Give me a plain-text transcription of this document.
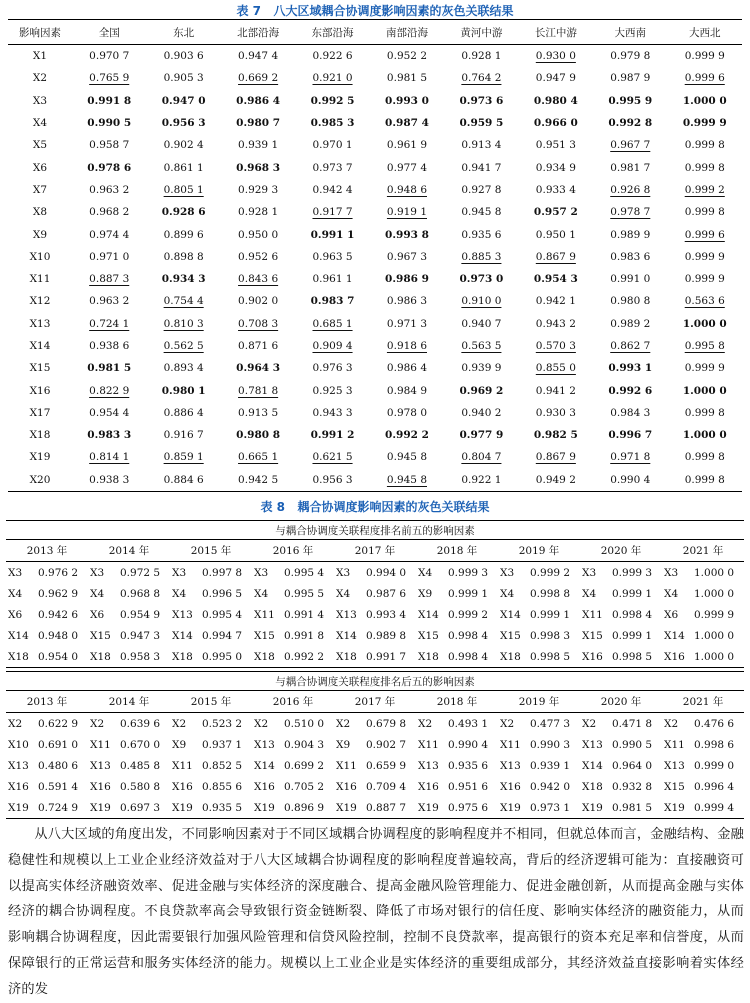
表 7 八大区域耦合协调度影响因素的灰色关联结果
影响因素	全国	东北	北部沿海	东部沿海	南部沿海	黄河中游	长江中游	大西南	大西北
X1	0.970 7	0.903 6	0.947 4	0.922 6	0.952 2	0.928 1	0.930 0	0.979 8	0.999 9
X2	0.765 9	0.905 3	0.669 2	0.921 0	0.981 5	0.764 2	0.947 9	0.987 9	0.999 6
X3	0.991 8	0.947 0	0.986 4	0.992 5	0.993 0	0.973 6	0.980 4	0.995 9	1.000 0
X4	0.990 5	0.956 3	0.980 7	0.985 3	0.987 4	0.959 5	0.966 0	0.992 8	0.999 9
X5	0.958 7	0.902 4	0.939 1	0.970 1	0.961 9	0.913 4	0.951 3	0.967 7	0.999 8
X6	0.978 6	0.861 1	0.968 3	0.973 7	0.977 4	0.941 7	0.934 9	0.981 7	0.999 8
X7	0.963 2	0.805 1	0.929 3	0.942 4	0.948 6	0.927 8	0.933 4	0.926 8	0.999 2
X8	0.968 2	0.928 6	0.928 1	0.917 7	0.919 1	0.945 8	0.957 2	0.978 7	0.999 8
X9	0.974 4	0.899 6	0.950 0	0.991 1	0.993 8	0.935 6	0.950 1	0.989 9	0.999 6
X10	0.971 0	0.898 8	0.952 6	0.963 5	0.967 3	0.885 3	0.867 9	0.983 6	0.999 9
X11	0.887 3	0.934 3	0.843 6	0.961 1	0.986 9	0.973 0	0.954 3	0.991 0	0.999 9
X12	0.963 2	0.754 4	0.902 0	0.983 7	0.986 3	0.910 0	0.942 1	0.980 8	0.563 6
X13	0.724 1	0.810 3	0.708 3	0.685 1	0.971 3	0.940 7	0.943 2	0.989 2	1.000 0
X14	0.938 6	0.562 5	0.871 6	0.909 4	0.918 6	0.563 5	0.570 3	0.862 7	0.995 8
X15	0.981 5	0.893 4	0.964 3	0.976 3	0.986 4	0.939 9	0.855 0	0.993 1	0.999 9
X16	0.822 9	0.980 1	0.781 8	0.925 3	0.984 9	0.969 2	0.941 2	0.992 6	1.000 0
X17	0.954 4	0.886 4	0.913 5	0.943 3	0.978 0	0.940 2	0.930 3	0.984 3	0.999 8
X18	0.983 3	0.916 7	0.980 8	0.991 2	0.992 2	0.977 9	0.982 5	0.996 7	1.000 0
X19	0.814 1	0.859 1	0.665 1	0.621 5	0.945 8	0.804 7	0.867 9	0.971 8	0.999 8
X20	0.938 3	0.884 6	0.942 5	0.956 3	0.945 8	0.922 1	0.949 2	0.990 4	0.999 8
表 8 耦合协调度影响因素的灰色关联结果
与耦合协调度关联程度排名前五的影响因素																	
2013 年		2014 年		2015 年		2016 年		2017 年		2018 年		2019 年		2020 年		2021 年	
X3	0.976 2	X3	0.972 5	X3	0.997 8	X3	0.995 4	X3	0.994 0	X4	0.999 3	X3	0.999 2	X3	0.999 3	X3	1.000 0
X4	0.962 9	X4	0.968 8	X4	0.996 5	X4	0.995 5	X4	0.987 6	X9	0.999 1	X4	0.998 8	X4	0.999 1	X4	1.000 0
X6	0.942 6	X6	0.954 9	X13	0.995 4	X11	0.991 4	X13	0.993 4	X14	0.999 2	X14	0.999 1	X11	0.998 4	X6	0.999 9
X14	0.948 0	X15	0.947 3	X14	0.994 7	X15	0.991 8	X14	0.989 8	X15	0.998 4	X15	0.998 3	X15	0.999 1	X14	1.000 0
X18	0.954 0	X18	0.958 3	X18	0.995 0	X18	0.992 2	X18	0.991 7	X18	0.998 4	X18	0.998 5	X16	0.998 5	X16	1.000 0
与耦合协调度关联程度排名后五的影响因素																	
2013 年		2014 年		2015 年		2016 年		2017 年		2018 年		2019 年		2020 年		2021 年	
X2	0.622 9	X2	0.639 6	X2	0.523 2	X2	0.510 0	X2	0.679 8	X2	0.493 1	X2	0.477 3	X2	0.471 8	X2	0.476 6
X10	0.691 0	X11	0.670 0	X9	0.937 1	X13	0.904 3	X9	0.902 7	X11	0.990 4	X11	0.990 3	X13	0.990 5	X11	0.998 6
X13	0.480 6	X13	0.485 8	X11	0.852 5	X14	0.699 2	X11	0.659 9	X13	0.935 6	X13	0.939 1	X14	0.964 0	X13	0.999 0
X16	0.591 4	X16	0.580 8	X16	0.855 6	X16	0.705 2	X16	0.709 4	X16	0.951 6	X16	0.942 0	X18	0.932 8	X15	0.996 4
X19	0.724 9	X19	0.697 3	X19	0.935 5	X19	0.896 9	X19	0.887 7	X19	0.975 6	X19	0.973 1	X19	0.981 5	X19	0.999 4

从八大区域的角度出发，不同影响因素对于不同区域耦合协调程度的影响程度并不相同，但就总体而言，金融结构、金融稳健性和规模以上工业企业经济效益对于八大区域耦合协调程度的影响程度普遍较高，背后的经济逻辑可能为：直接融资可以提高实体经济融资效率、促进金融与实体经济的深度融合、提高金融风险管理能力、促进金融创新，从而提高金融与实体经济的耦合协调程度。不良贷款率高会导致银行资金链断裂、降低了市场对银行的信任度、影响实体经济的融资能力，从而影响耦合协调程度，因此需要银行加强风险管理和信贷风险控制，控制不良贷款率，提高银行的资本充足率和信誉度，从而保障银行的正常运营和服务实体经济的能力。规模以上工业企业是实体经济的重要组成部分，其经济效益直接影响着实体经济的发
